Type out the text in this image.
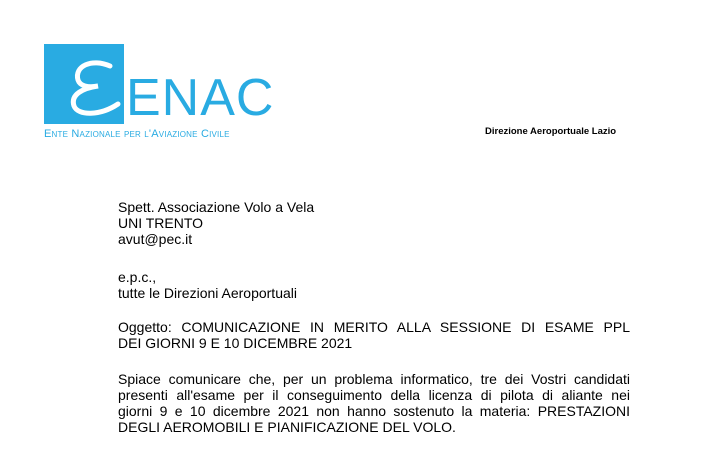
ENAC
Ente Nazionale per l'Aviazione Civile	Direzione Aeroportuale Lazio
Spett. Associazione Volo a Vela
UNI TRENTO
avut@pec.it
e.p.c.,
tutte le Direzioni Aeroportuali
Oggetto: COMUNICAZIONE IN MERITO ALLA SESSIONE DI ESAME PPL
DEI GIORNI 9 E 10 DICEMBRE 2021
Spiace comunicare che, per un problema informatico, tre dei Vostri candidati
presenti all'esame per il conseguimento della licenza di pilota di aliante nei
giorni 9 e 10 dicembre 2021 non hanno sostenuto la materia: PRESTAZIONI
DEGLI AEROMOBILI E PIANIFICAZIONE DEL VOLO.
